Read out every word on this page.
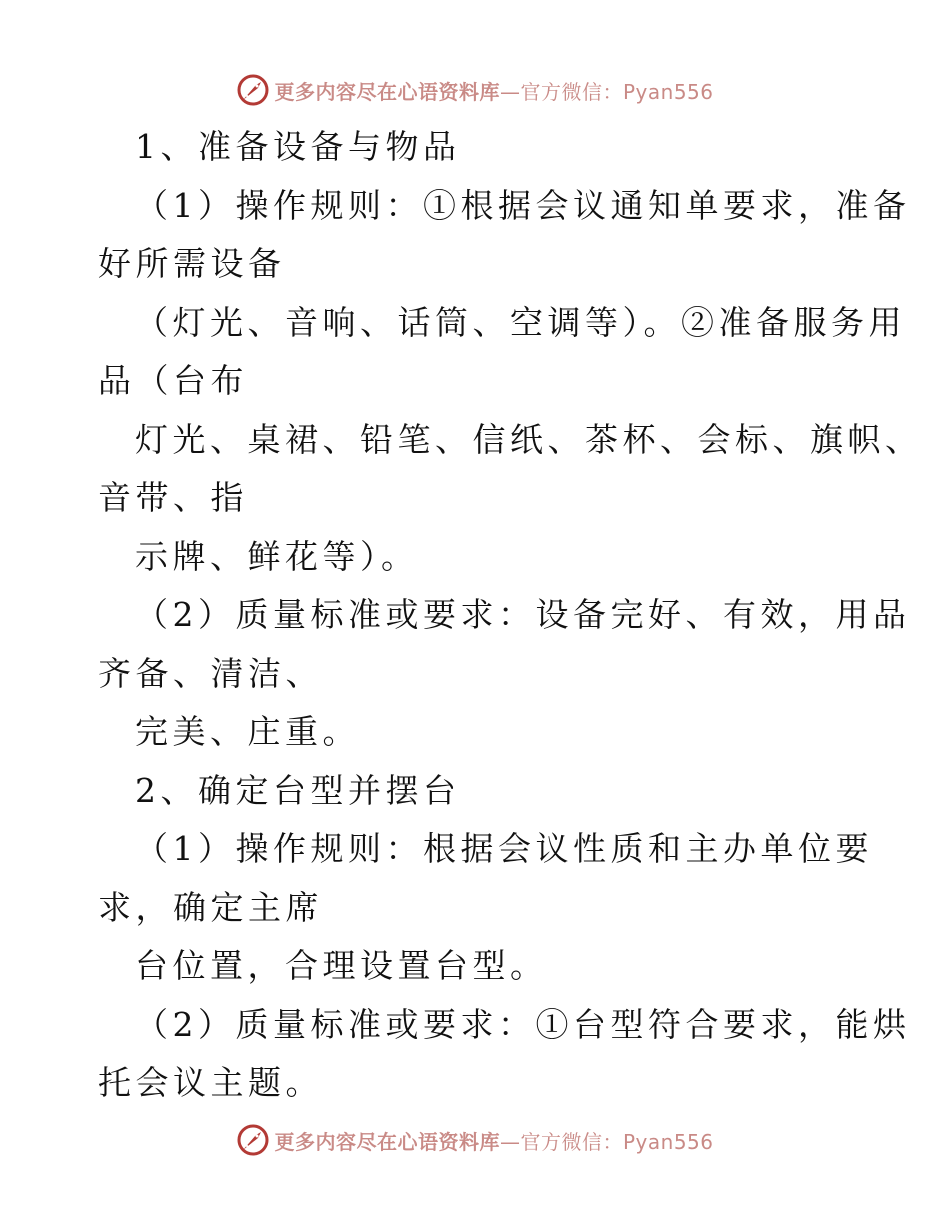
更多内容尽在心语资料库—官方微信：Pyan556
1、准备设备与物品
（1）操作规则：①根据会议通知单要求，准备
好所需设备
（灯光、音响、话筒、空调等）。②准备服务用
品（台布
灯光、桌裙、铅笔、信纸、茶杯、会标、旗帜、
音带、指
示牌、鲜花等）。
（2）质量标准或要求：设备完好、有效，用品
齐备、清洁、
完美、庄重。
2、确定台型并摆台
（1）操作规则：根据会议性质和主办单位要
求，确定主席
台位置，合理设置台型。
（2）质量标准或要求：①台型符合要求，能烘
托会议主题。
更多内容尽在心语资料库—官方微信：Pyan556
